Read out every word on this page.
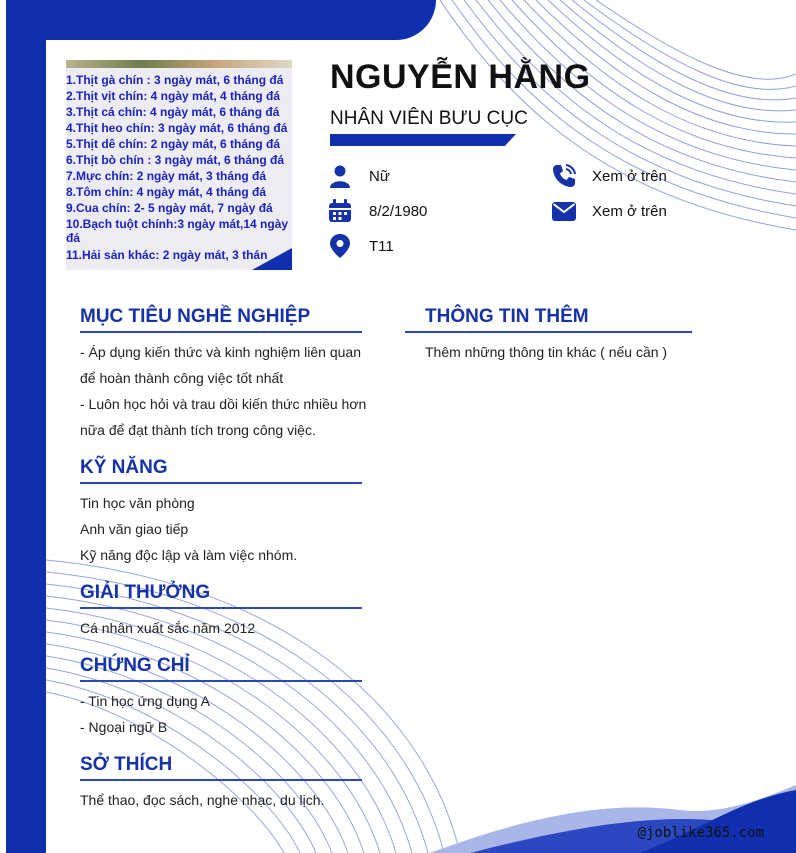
1.Thịt gà chín : 3 ngày mát, 6 tháng đá
2.Thịt vịt chín: 4 ngày mát, 4 tháng đá
3.Thịt cá chín: 4 ngày mát, 6 tháng đá
4.Thịt heo chín: 3 ngày mát, 6 tháng đá
5.Thịt dê chín: 2 ngày mát, 6 tháng đá
6.Thịt bò chín : 3 ngày mát, 6 tháng đá
7.Mực chín: 2 ngày mát, 3 tháng đá
8.Tôm chín: 4 ngày mát, 4 tháng đá
9.Cua chín: 2- 5 ngày mát, 7 ngày đá
10.Bạch tuột chính:3 ngày mát,14 ngày
đá
11.Hải sản khác: 2 ngày mát, 3 thán
NGUYỄN HẰNG
NHÂN VIÊN BƯU CỤC
Nữ
8/2/1980
T11
Xem ở trên
Xem ở trên
MỤC TIÊU NGHỀ NGHIỆP
- Áp dụng kiến thức và kinh nghiệm liên quan
để hoàn thành công việc tốt nhất
- Luôn học hỏi và trau dồi kiến thức nhiều hơn
nữa để đạt thành tích trong công việc.
KỸ NĂNG
Tin học văn phòng
Anh văn giao tiếp
Kỹ năng độc lập và làm việc nhóm.
GIẢI THƯỞNG
Cá nhân xuất sắc năm 2012
CHỨNG CHỈ
- Tin học ứng dụng A
- Ngoại ngữ B
SỞ THÍCH
Thể thao, đọc sách, nghe nhạc, du lịch.
THÔNG TIN THÊM
Thêm những thông tin khác ( nếu cần )
@joblike365.com
